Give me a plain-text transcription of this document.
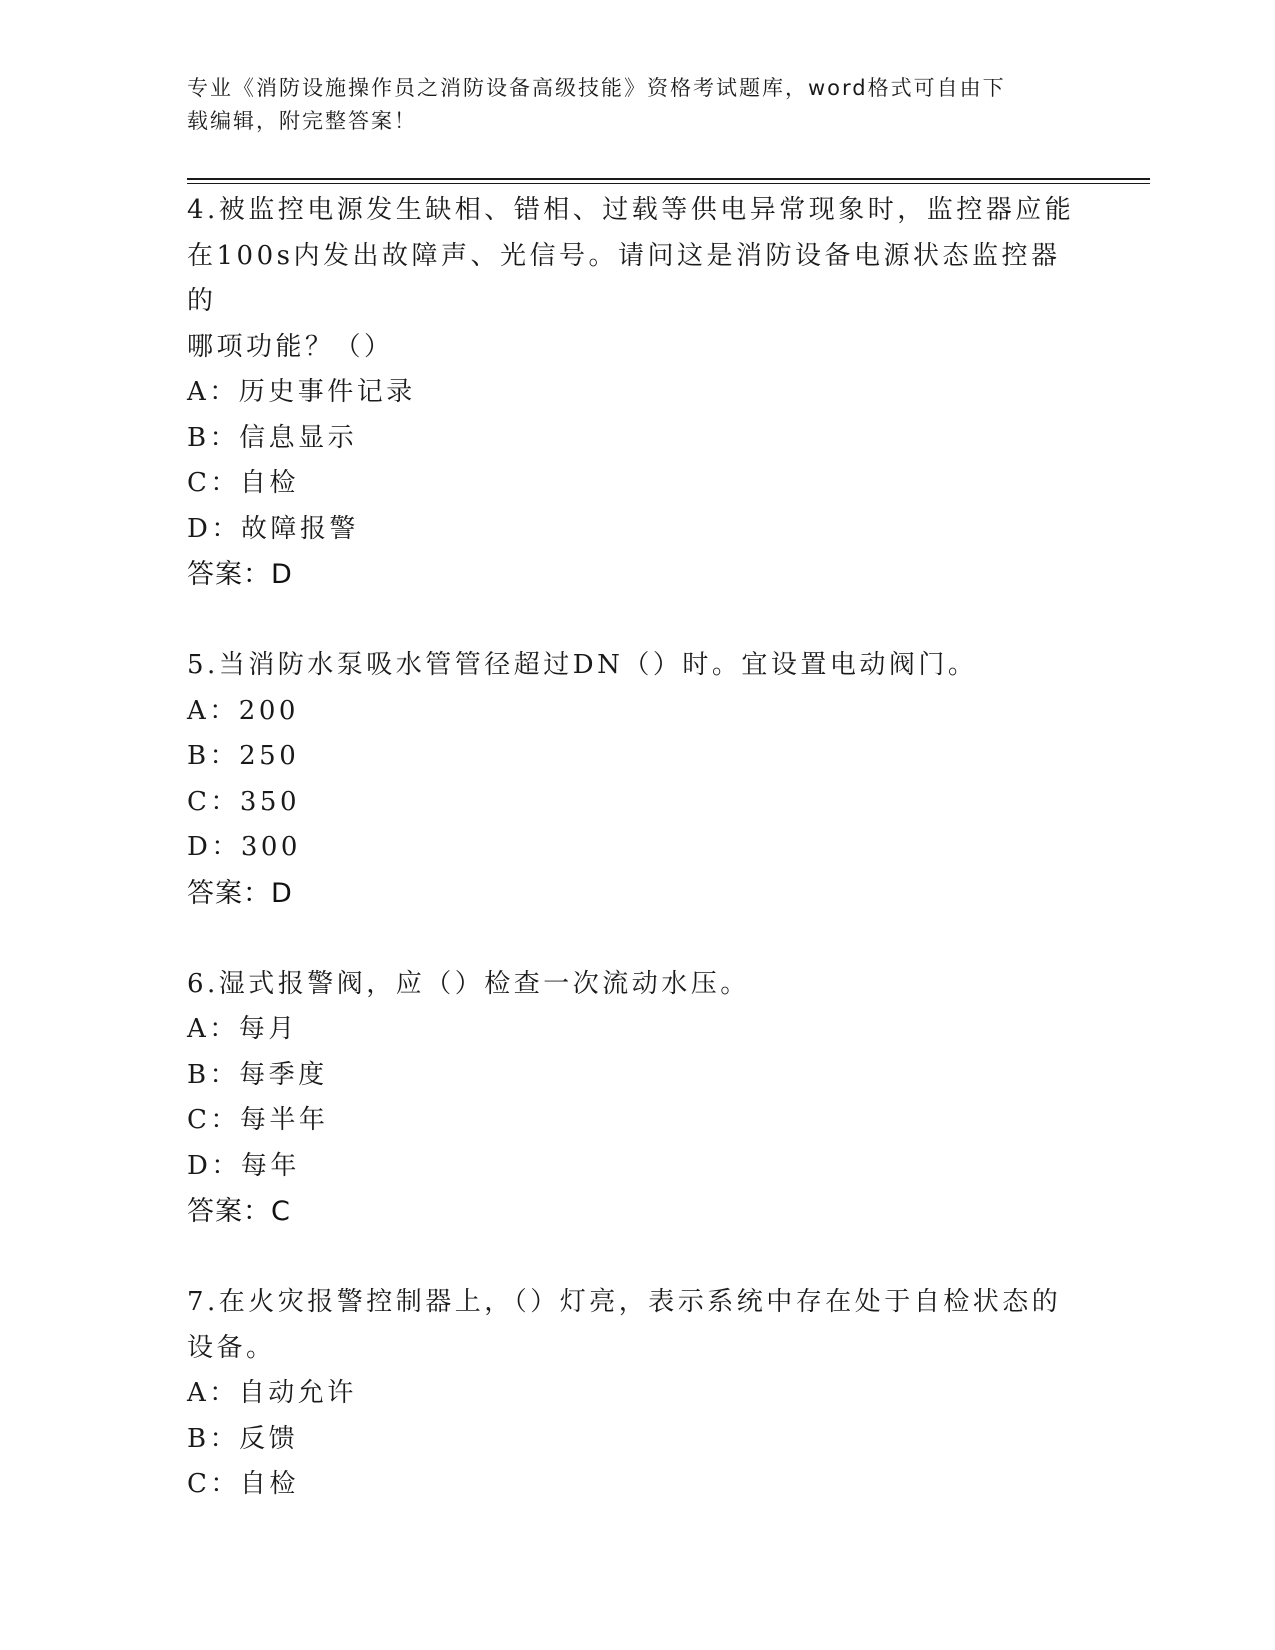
专业《消防设施操作员之消防设备高级技能》资格考试题库，word格式可自由下
载编辑，附完整答案！
4.被监控电源发生缺相、错相、过载等供电异常现象时，监控器应能
在100s内发出故障声、光信号。请问这是消防设备电源状态监控器的
哪项功能？（）
A：历史事件记录
B：信息显示
C：自检
D：故障报警
答案：D
5.当消防水泵吸水管管径超过DN（）时。宜设置电动阀门。
A：200
B：250
C：350
D：300
答案：D
6.湿式报警阀，应（）检查一次流动水压。
A：每月
B：每季度
C：每半年
D：每年
答案：C
7.在火灾报警控制器上，（）灯亮，表示系统中存在处于自检状态的
设备。
A：自动允许
B：反馈
C：自检
